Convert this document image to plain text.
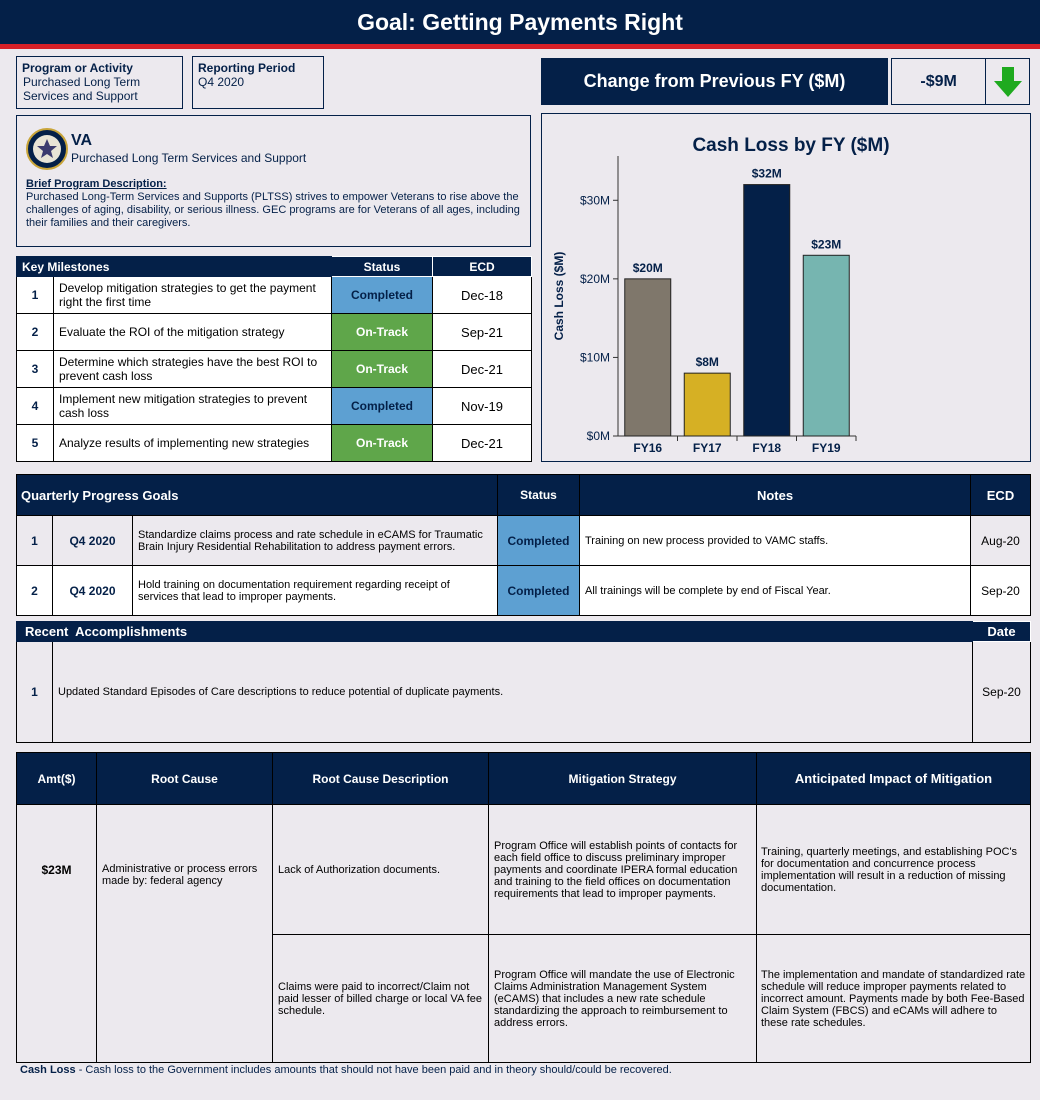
Goal: Getting Payments Right
Program or Activity
Purchased Long Term Services and Support
Reporting Period
Q4 2020	Change from Previous FY ($M)	-$9M
VA
Purchased Long Term Services and Support
Brief Program Description:
Purchased Long-Term Services and Supports (PLTSS) strives to empower Veterans to rise above the challenges of aging, disability, or serious illness. GEC programs are for Veterans of all ages, including their families and their caregivers.
Key Milestones		Status	ECD
1	Develop mitigation strategies to get the payment right the first time	Completed	Dec-18
2	Evaluate the ROI of the mitigation strategy	On-Track	Sep-21
3	Determine which strategies have the best ROI to prevent cash loss	On-Track	Dec-21
4	Implement new mitigation strategies to prevent cash loss	Completed	Nov-19
5	Analyze results of implementing new strategies	On-Track	Dec-21
Cash Loss by FY ($M)
Cash Loss ($M)
$0M
$10M
$20M
$30M
$20M
FY16
$8M
FY17
$32M
FY18
$23M
FY19
Quarterly Progress Goals			Status	Notes	ECD
1	Q4 2020	Standardize claims process and rate schedule in eCAMS for Traumatic Brain Injury Residential Rehabilitation to address payment errors.	Completed	Training on new process provided to VAMC staffs.	Aug-20
2	Q4 2020	Hold training on documentation requirement regarding receipt of services that lead to improper payments.	Completed	All trainings will be complete by end of Fiscal Year.	Sep-20
Recent  Accomplishments		Date
1	Updated Standard Episodes of Care descriptions to reduce potential of duplicate payments.	Sep-20
Amt($)	Root Cause	Root Cause Description	Mitigation Strategy	Anticipated Impact of Mitigation
$23M	Administrative or process errors made by: federal agency	Lack of Authorization documents.	Program Office will establish points of contacts for each field office to discuss preliminary improper payments and coordinate IPERA formal education and training to the field offices on documentation requirements that lead to improper payments.	Training, quarterly meetings, and establishing POC's for documentation and concurrence process implementation will result in a reduction of missing documentation.
		Claims were paid to incorrect/Claim not paid lesser of billed charge or local VA fee schedule.	Program Office will mandate the use of Electronic Claims Administration Management System (eCAMS) that includes a new rate schedule standardizing the approach to reimbursement to address errors.	The implementation and mandate of standardized rate schedule will reduce improper payments related to incorrect amount. Payments made by both Fee-Based Claim System (FBCS) and eCAMs will adhere to these rate schedules.
Cash Loss - Cash loss to the Government includes amounts that should not have been paid and in theory should/could be recovered.
